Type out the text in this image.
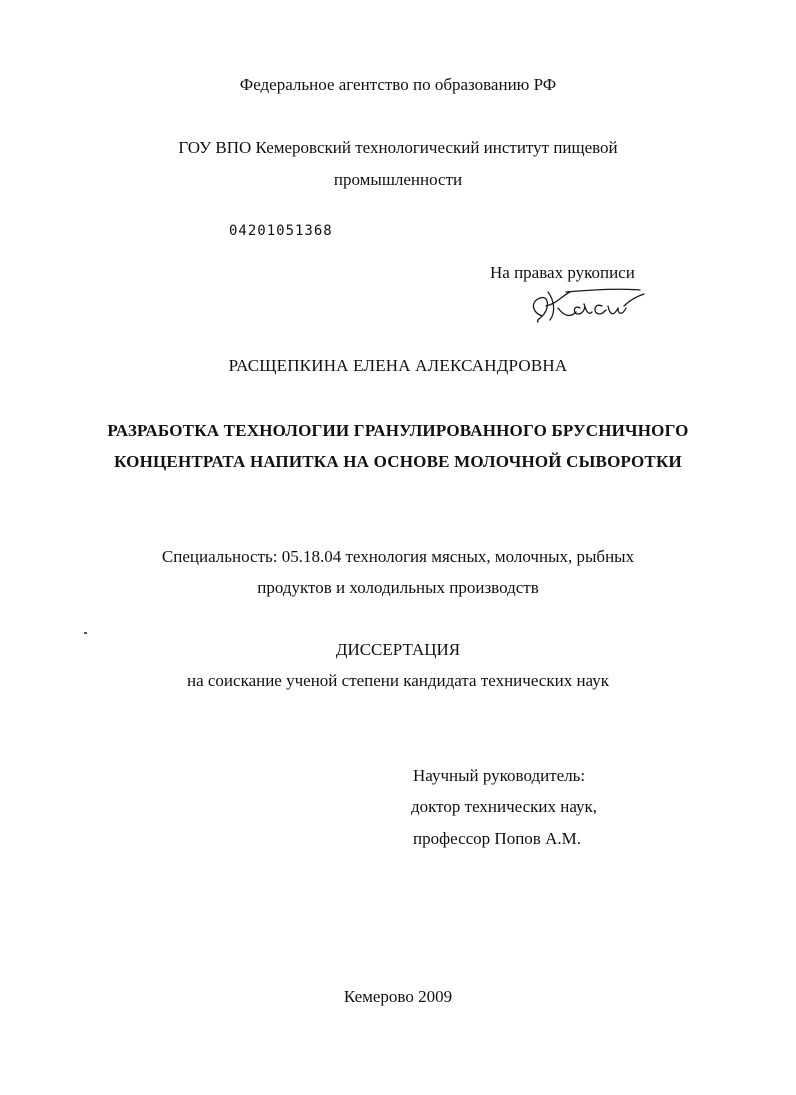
Федеральное агентство по образованию РФ
ГОУ ВПО Кемеровский технологический институт пищевой
промышленности
04201051368
На правах рукописи
РАСЩЕПКИНА ЕЛЕНА АЛЕКСАНДРОВНА
РАЗРАБОТКА ТЕХНОЛОГИИ ГРАНУЛИРОВАННОГО БРУСНИЧНОГО
КОНЦЕНТРАТА НАПИТКА НА ОСНОВЕ МОЛОЧНОЙ СЫВОРОТКИ
Специальность: 05.18.04 технология мясных, молочных, рыбных
продуктов и холодильных производств
ДИССЕРТАЦИЯ
на соискание ученой степени кандидата технических наук
Научный руководитель:
доктор технических наук,
профессор Попов А.М.
Кемерово 2009
